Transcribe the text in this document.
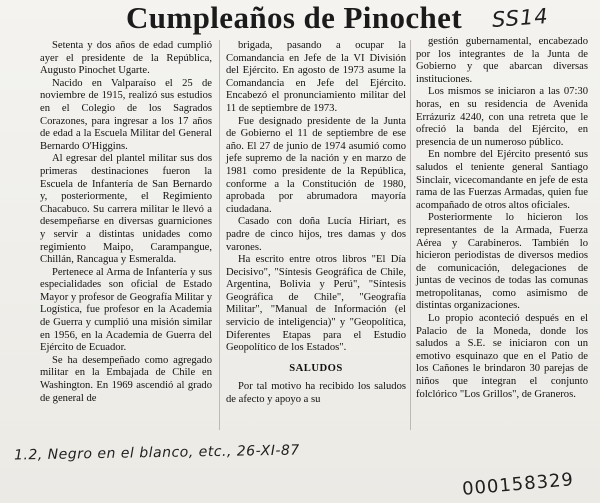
Cumpleaños de Pinochet SS14

Setenta y dos años de edad cumplió ayer el presidente de la República, Augusto Pinochet Ugarte.

Nacido en Valparaíso el 25 de noviembre de 1915, realizó sus estudios en el Colegio de los Sagrados Corazones, para ingresar a los 17 años de edad a la Escuela Militar del General Bernardo O'Higgins.

Al egresar del plantel militar sus dos primeras destinaciones fueron la Escuela de Infantería de San Bernardo y, posteriormente, el Regimiento Chacabuco. Su carrera militar le llevó a desempeñarse en diversas guarniciones y servir a distintas unidades como regimiento Maipo, Carampangue, Chillán, Rancagua y Esmeralda.

Pertenece al Arma de Infantería y sus especialidades son oficial de Estado Mayor y profesor de Geografía Militar y Logística, fue profesor en la Academia de Guerra y cumplió una misión similar en 1956, en la Academia de Guerra del Ejército de Ecuador.

Se ha desempeñado como agregado militar en la Embajada de Chile en Washington. En 1969 ascendió al grado de general de

brigada, pasando a ocupar la Comandancia en Jefe de la VI División del Ejército. En agosto de 1973 asume la Comandancia en Jefe del Ejército. Encabezó el pronunciamiento militar del 11 de septiembre de 1973.

Fue designado presidente de la Junta de Gobierno el 11 de septiembre de ese año. El 27 de junio de 1974 asumió como jefe supremo de la nación y en marzo de 1981 como presidente de la República, conforme a la Constitución de 1980, aprobada por abrumadora mayoría ciudadana.

Casado con doña Lucía Hiriart, es padre de cinco hijos, tres damas y dos varones.

Ha escrito entre otros libros "El Día Decisivo", "Síntesis Geográfica de Chile, Argentina, Bolivia y Perú", "Síntesis Geográfica de Chile", "Geografía Militar", "Manual de Información (el servicio de inteligencia)" y "Geopolítica, Diferentes Etapas para el Estudio Geopolítico de los Estados".

SALUDOS

Por tal motivo ha recibido los saludos de afecto y apoyo a su

gestión gubernamental, encabezado por los integrantes de la Junta de Gobierno y que abarcan diversas instituciones.

Los mismos se iniciaron a las 07:30 horas, en su residencia de Avenida Errázuriz 4240, con una retreta que le ofreció la banda del Ejército, en presencia de un numeroso público.

En nombre del Ejército presentó sus saludos el teniente general Santiago Sinclair, vicecomandante en jefe de esta rama de las Fuerzas Armadas, quien fue acompañado de otros altos oficiales.

Posteriormente lo hicieron los representantes de la Armada, Fuerza Aérea y Carabineros. También lo hicieron periodistas de diversos medios de comunicación, delegaciones de juntas de vecinos de todas las comunas metropolitanas, como asimismo de distintas organizaciones.

Lo propio aconteció después en el Palacio de la Moneda, donde los saludos a S.E. se iniciaron con un emotivo esquinazo que en el Patio de los Cañones le brindaron 30 parejas de niños que integran el conjunto folclórico "Los Grillos", de Graneros.

1.2, Negro en el blanco, etc., 26-XI-87
000158329
